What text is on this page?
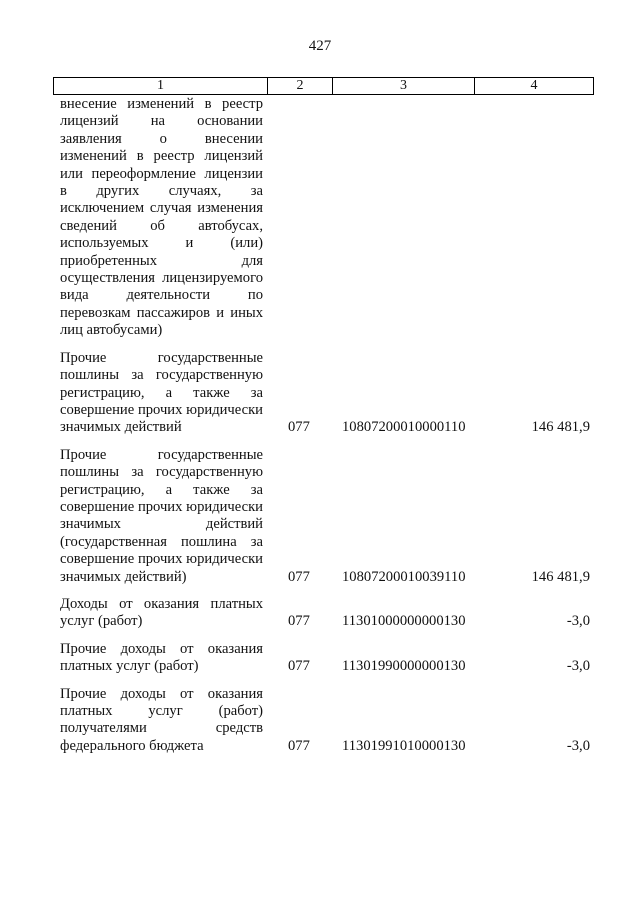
427
1	2	3	4
внесение изменений в реестр лицензий на основании заявления о внесении изменений в реестр лицензий или переоформление лицензии в других случаях, за исключением случая изменения сведений об автобусах, используемых и (или) приобретенных для осуществления лицензируемого вида деятельности по перевозкам пассажиров и иных лиц автобусами)
Прочие государственные пошлины за государственную регистрацию, а также за совершение прочих юридически значимых действий	077 10807200010000110	146 481,9
Прочие государственные пошлины за государственную регистрацию, а также за совершение прочих юридически значимых действий (государственная пошлина за совершение прочих юридически значимых действий)	077 10807200010039110	146 481,9
Доходы от оказания платных услуг (работ)	077 11301000000000130	-3,0
Прочие доходы от оказания платных услуг (работ)	077 11301990000000130	-3,0
Прочие доходы от оказания платных услуг (работ) получателями средств федерального бюджета	077 11301991010000130	-3,0
